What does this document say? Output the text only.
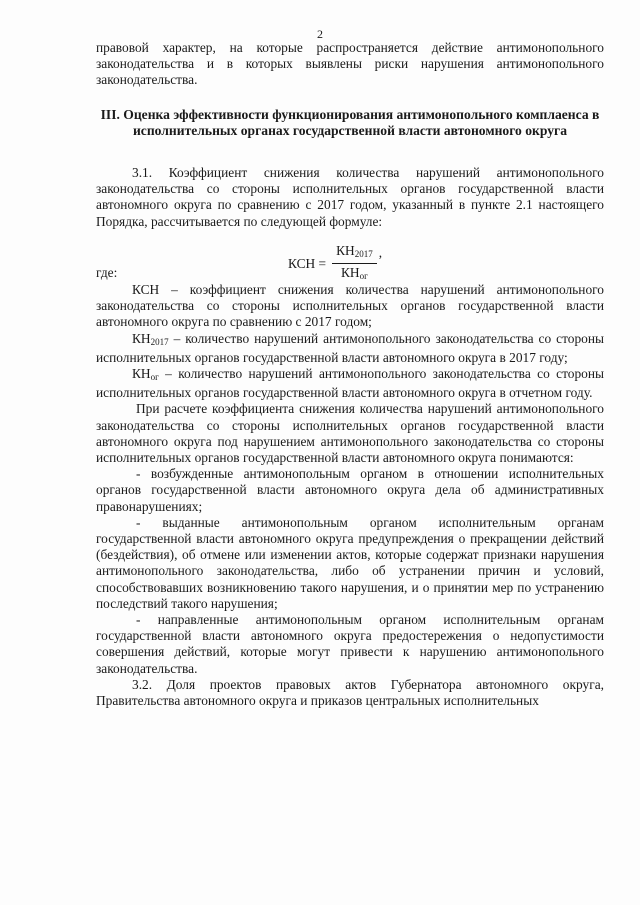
2

правовой характер, на которые распространяется действие антимонопольного законодательства и в которых выявлены риски нарушения антимонопольного законодательства.

III. Оценка эффективности функционирования антимонопольного комплаенса в исполнительных органах государственной власти автономного округа

3.1. Коэффициент снижения количества нарушений антимонопольного законодательства со стороны исполнительных органов государственной власти автономного округа по сравнению с 2017 годом, указанный в пункте 2.1 настоящего Порядка, рассчитывается по следующей формуле:

КСН = $\frac{КН2017}{\text{КНог}}$ ,
где:

КСН – коэффициент снижения количества нарушений антимонопольного законодательства со стороны исполнительных органов государственной власти автономного округа по сравнению с 2017 годом;

КН2017 – количество нарушений антимонопольного законодательства со стороны исполнительных органов государственной власти автономного округа в 2017 году;

КНог – количество нарушений антимонопольного законодательства со стороны исполнительных органов государственной власти автономного округа в отчетном году.

При расчете коэффициента снижения количества нарушений антимонопольного законодательства со стороны исполнительных органов государственной власти автономного округа под нарушением антимонопольного законодательства со стороны исполнительных органов государственной власти автономного округа понимаются:

- возбужденные антимонопольным органом в отношении исполнительных органов государственной власти автономного округа дела об административных правонарушениях;

- выданные антимонопольным органом исполнительным органам государственной власти автономного округа предупреждения о прекращении действий (бездействия), об отмене или изменении актов, которые содержат признаки нарушения антимонопольного законодательства, либо об устранении причин и условий, способствовавших возникновению такого нарушения, и о принятии мер по устранению последствий такого нарушения;

- направленные антимонопольным органом исполнительным органам государственной власти автономного округа предостережения о недопустимости совершения действий, которые могут привести к нарушению антимонопольного законодательства.

3.2. Доля проектов правовых актов Губернатора автономного округа, Правительства автономного округа и приказов центральных исполнительных
